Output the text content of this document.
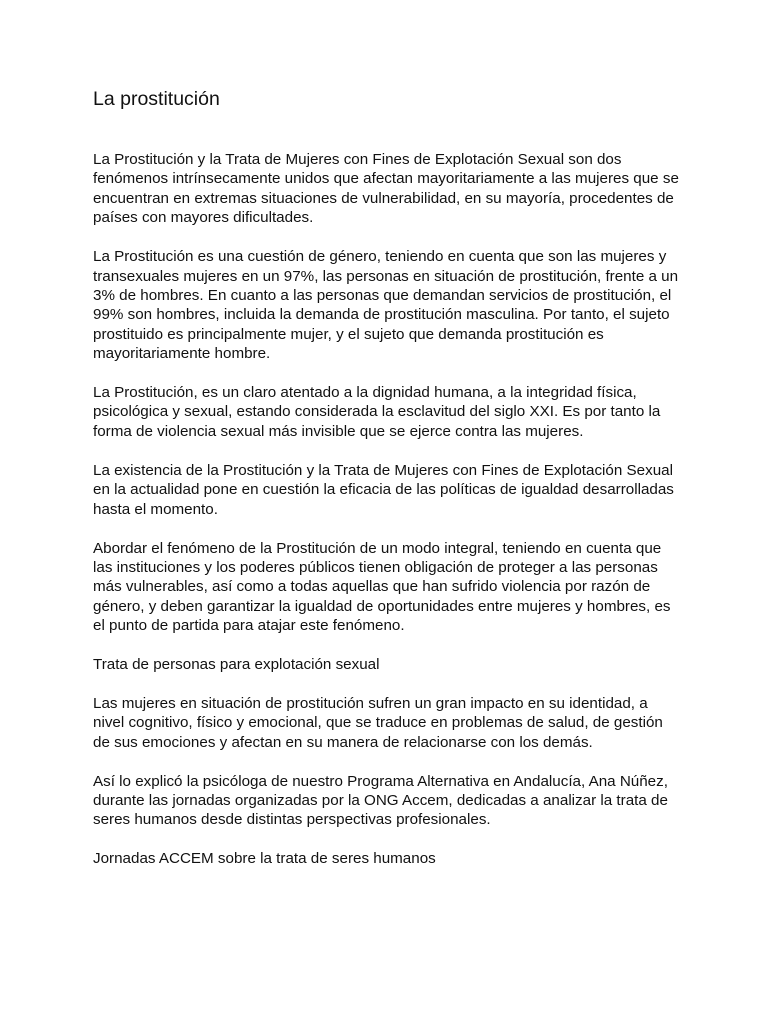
La prostitución

La Prostitución y la Trata de Mujeres con Fines de Explotación Sexual son dos fenómenos intrínsecamente unidos que afectan mayoritariamente a las mujeres que se encuentran en extremas situaciones de vulnerabilidad, en su mayoría, procedentes de países con mayores dificultades.

La Prostitución es una cuestión de género, teniendo en cuenta que son las mujeres y transexuales mujeres en un 97%, las personas en situación de prostitución, frente a un 3% de hombres. En cuanto a las personas que demandan servicios de prostitución, el 99% son hombres, incluida la demanda de prostitución masculina. Por tanto, el sujeto prostituido es principalmente mujer, y el sujeto que demanda prostitución es mayoritariamente hombre.

La Prostitución, es un claro atentado a la dignidad humana, a la integridad física, psicológica y sexual, estando considerada la esclavitud del siglo XXI. Es por tanto la forma de violencia sexual más invisible que se ejerce contra las mujeres.

La existencia de la Prostitución y la Trata de Mujeres con Fines de Explotación Sexual en la actualidad pone en cuestión la eficacia de las políticas de igualdad desarrolladas hasta el momento.

Abordar el fenómeno de la Prostitución de un modo integral, teniendo en cuenta que las instituciones y los poderes públicos tienen obligación de proteger a las personas más vulnerables, así como a todas aquellas que han sufrido violencia por razón de género, y deben garantizar la igualdad de oportunidades entre mujeres y hombres, es el punto de partida para atajar este fenómeno.

Trata de personas para explotación sexual

Las mujeres en situación de prostitución sufren un gran impacto en su identidad, a nivel cognitivo, físico y emocional, que se traduce en problemas de salud, de gestión de sus emociones y afectan en su manera de relacionarse con los demás.

Así lo explicó la psicóloga de nuestro Programa Alternativa en Andalucía, Ana Núñez, durante las jornadas organizadas por la ONG Accem, dedicadas a analizar la trata de seres humanos desde distintas perspectivas profesionales.

Jornadas ACCEM sobre la trata de seres humanos
